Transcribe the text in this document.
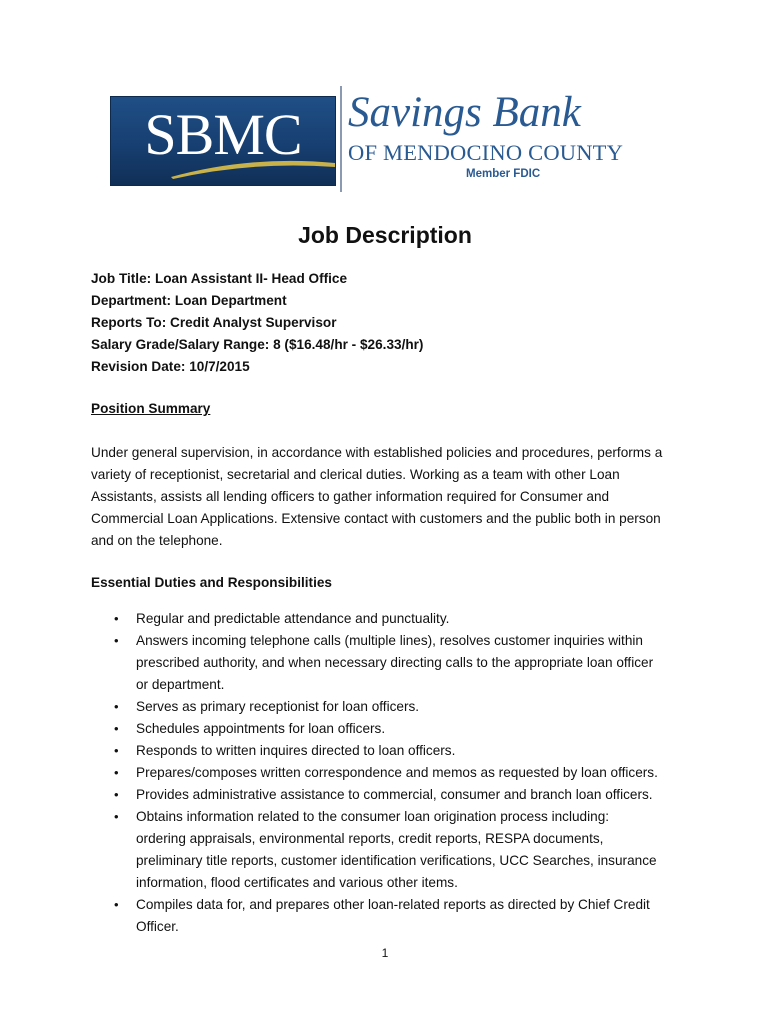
SBMC	Savings Bank
OF MENDOCINO COUNTY
Member FDIC
Job Description
Job Title: Loan Assistant II- Head Office
Department: Loan Department
Reports To: Credit Analyst Supervisor
Salary Grade/Salary Range: 8 ($16.48/hr - $26.33/hr)
Revision Date: 10/7/2015
Position Summary
Under general supervision, in accordance with established policies and procedures, performs a
variety of receptionist, secretarial and clerical duties. Working as a team with other Loan
Assistants, assists all lending officers to gather information required for Consumer and
Commercial Loan Applications. Extensive contact with customers and the public both in person
and on the telephone.
Essential Duties and Responsibilities
• Regular and predictable attendance and punctuality.
• Answers incoming telephone calls (multiple lines), resolves customer inquiries within
prescribed authority, and when necessary directing calls to the appropriate loan officer
or department.
• Serves as primary receptionist for loan officers.
• Schedules appointments for loan officers.
• Responds to written inquires directed to loan officers.
• Prepares/composes written correspondence and memos as requested by loan officers.
• Provides administrative assistance to commercial, consumer and branch loan officers.
• Obtains information related to the consumer loan origination process including:
ordering appraisals, environmental reports, credit reports, RESPA documents,
preliminary title reports, customer identification verifications, UCC Searches, insurance
information, flood certificates and various other items.
• Compiles data for, and prepares other loan-related reports as directed by Chief Credit
Officer.
1
